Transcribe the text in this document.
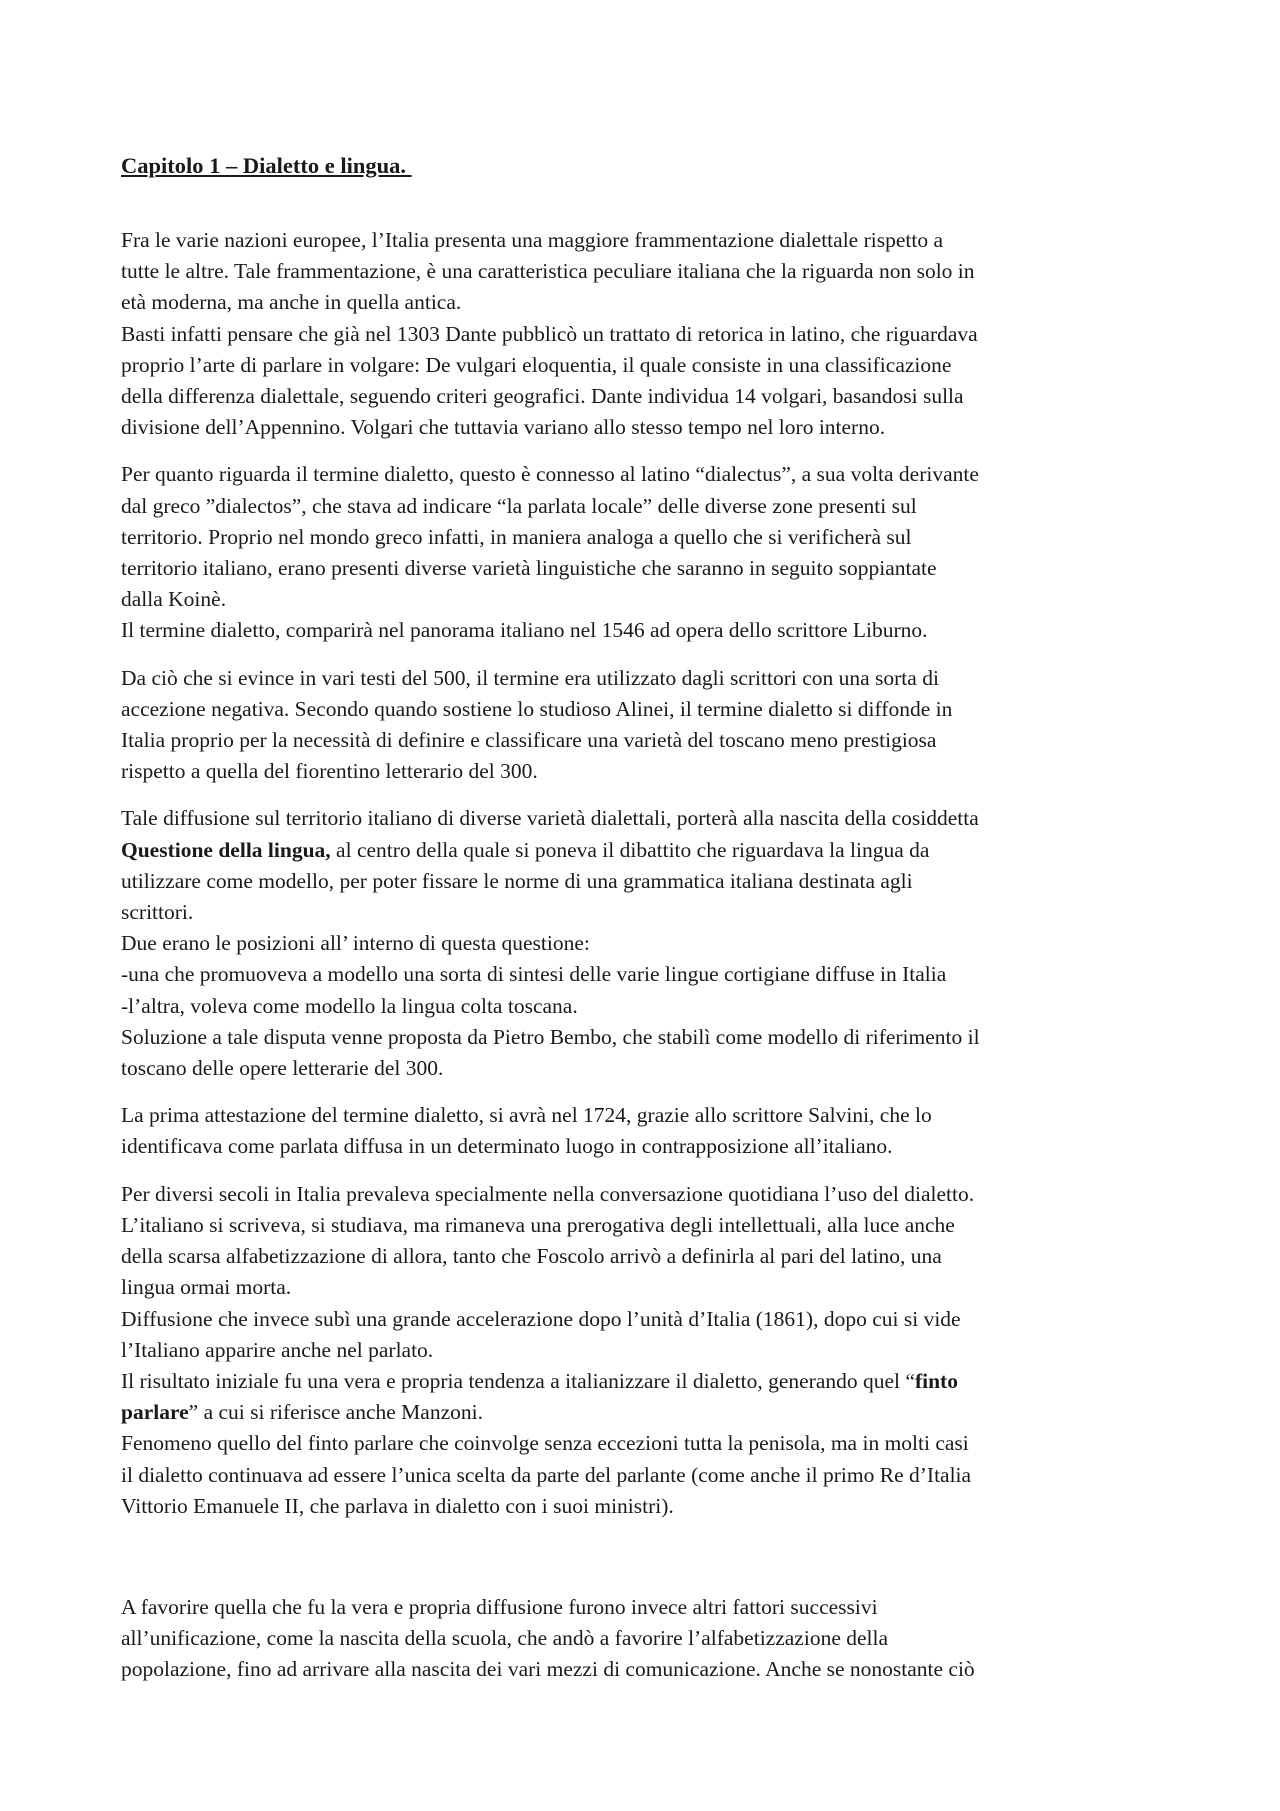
Capitolo 1 – Dialetto e lingua.
Fra le varie nazioni europee, l’Italia presenta una maggiore frammentazione dialettale rispetto a
tutte le altre. Tale frammentazione, è una caratteristica peculiare italiana che la riguarda non solo in
età moderna, ma anche in quella antica.
Basti infatti pensare che già nel 1303 Dante pubblicò un trattato di retorica in latino, che riguardava
proprio l’arte di parlare in volgare: De vulgari eloquentia, il quale consiste in una classificazione
della differenza dialettale, seguendo criteri geografici. Dante individua 14 volgari, basandosi sulla
divisione dell’Appennino. Volgari che tuttavia variano allo stesso tempo nel loro interno.
Per quanto riguarda il termine dialetto, questo è connesso al latino “dialectus”, a sua volta derivante
dal greco ”dialectos”, che stava ad indicare “la parlata locale” delle diverse zone presenti sul
territorio. Proprio nel mondo greco infatti, in maniera analoga a quello che si verificherà sul
territorio italiano, erano presenti diverse varietà linguistiche che saranno in seguito soppiantate
dalla Koinè.
Il termine dialetto, comparirà nel panorama italiano nel 1546 ad opera dello scrittore Liburno.
Da ciò che si evince in vari testi del 500, il termine era utilizzato dagli scrittori con una sorta di
accezione negativa. Secondo quando sostiene lo studioso Alinei, il termine dialetto si diffonde in
Italia proprio per la necessità di definire e classificare una varietà del toscano meno prestigiosa
rispetto a quella del fiorentino letterario del 300.
Tale diffusione sul territorio italiano di diverse varietà dialettali, porterà alla nascita della cosiddetta
Questione della lingua, al centro della quale si poneva il dibattito che riguardava la lingua da
utilizzare come modello, per poter fissare le norme di una grammatica italiana destinata agli
scrittori.
Due erano le posizioni all’ interno di questa questione:
-una che promuoveva a modello una sorta di sintesi delle varie lingue cortigiane diffuse in Italia
-l’altra, voleva come modello la lingua colta toscana.
Soluzione a tale disputa venne proposta da Pietro Bembo, che stabilì come modello di riferimento il
toscano delle opere letterarie del 300.
La prima attestazione del termine dialetto, si avrà nel 1724, grazie allo scrittore Salvini, che lo
identificava come parlata diffusa in un determinato luogo in contrapposizione all’italiano.
Per diversi secoli in Italia prevaleva specialmente nella conversazione quotidiana l’uso del dialetto.
L’italiano si scriveva, si studiava, ma rimaneva una prerogativa degli intellettuali, alla luce anche
della scarsa alfabetizzazione di allora, tanto che Foscolo arrivò a definirla al pari del latino, una
lingua ormai morta.
Diffusione che invece subì una grande accelerazione dopo l’unità d’Italia (1861), dopo cui si vide
l’Italiano apparire anche nel parlato.
Il risultato iniziale fu una vera e propria tendenza a italianizzare il dialetto, generando quel “finto
parlare” a cui si riferisce anche Manzoni.
Fenomeno quello del finto parlare che coinvolge senza eccezioni tutta la penisola, ma in molti casi
il dialetto continuava ad essere l’unica scelta da parte del parlante (come anche il primo Re d’Italia
Vittorio Emanuele II, che parlava in dialetto con i suoi ministri).
A favorire quella che fu la vera e propria diffusione furono invece altri fattori successivi
all’unificazione, come la nascita della scuola, che andò a favorire l’alfabetizzazione della
popolazione, fino ad arrivare alla nascita dei vari mezzi di comunicazione. Anche se nonostante ciò
